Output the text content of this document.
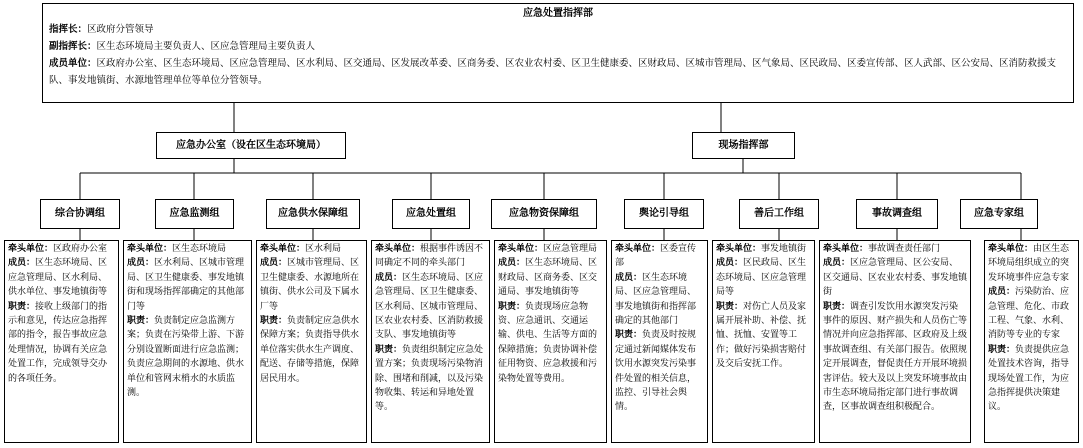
应急处置指挥部
指挥长：区政府分管领导
副指挥长：区生态环境局主要负责人、区应急管理局主要负责人
成员单位：区政府办公室、区生态环境局、区应急管理局、区水利局、区交通局、区发展改革委、区商务委、区农业农村委、区卫生健康委、区财政局、区城市管理局、区气象局、区民政局、区委宣传部、区人武部、区公安局、区消防救援支队、事发地镇街、水源地管理单位等单位分管领导。
应急办公室（设在区生态环境局）	现场指挥部
综合协调组	应急监测组	应急供水保障组	应急处置组	应急物资保障组	舆论引导组	善后工作组	事故调查组	应急专家组
牵头单位：区政府办公室
成员：区生态环境局、区应急管理局、区水利局、供水单位、事发地镇街等
职责：接收上级部门的指示和意见，传达应急指挥部的指令，报告事故应急处理情况，协调有关应急处置工作，完成领导交办的各项任务。
牵头单位：区生态环境局
成员：区水利局、区城市管理局、区卫生健康委、事发地镇街和现场指挥部确定的其他部门等
职责：负责制定应急监测方案；负责在污染带上游、下游分别设置断面进行应急监测；负责应急期间的水源地、供水单位和管网末梢水的水质监测。
牵头单位：区水利局
成员：区城市管理局、区卫生健康委、水源地所在镇街、供水公司及下属水厂等
职责：负责制定应急供水保障方案；负责指导供水单位落实供水生产调度、配送、存储等措施，保障居民用水。
牵头单位：根据事件诱因不同确定不同的牵头部门
成员：区生态环境局、区应急管理局、区卫生健康委、区水利局、区城市管理局、区农业农村委、区消防救援支队、事发地镇街等
职责：负责组织制定应急处置方案；负责现场污染物消除、围堵和削减，以及污染物收集、转运和异地处置等。
牵头单位：区应急管理局
成员：区生态环境局、区财政局、区商务委、区交通局、事发地镇街等
职责：负责现场应急物资、应急通讯、交通运输、供电、生活等方面的保障措施；负责协调补偿征用物资、应急救援和污染物处置等费用。
牵头单位：区委宣传部
成员：区生态环境局、区应急管理局、事发地镇街和指挥部确定的其他部门
职责：负责及时按规定通过新闻媒体发布饮用水源突发污染事件处置的相关信息，监控、引导社会舆情。
牵头单位：事发地镇街
成员：区民政局、区生态环境局、区应急管理局等
职责：对伤亡人员及家属开展补助、补偿、抚恤、抚恤、安置等工作；做好污染损害赔付及交后安抚工作。
牵头单位：事故调查责任部门
成员：区应急管理局、区公安局、区交通局、区农业农村委、事发地镇街
职责：调查引发饮用水源突发污染事件的原因、财产损失和人员伤亡等情况并向应急指挥部、区政府及上级事故调查组、有关部门报告。依照规定开展调查，督促责任方开展环境损害评估。较大及以上突发环境事故由市生态环境局指定部门进行事故调查，区事故调查组积极配合。
牵头单位：由区生态环境局组织成立的突发环境事件应急专家
成员：污染防治、应急管理、危化、市政工程、气象、水利、消防等专业的专家
职责：负责提供应急处置技术咨询，指导现场处置工作，为应急指挥提供决策建议。
